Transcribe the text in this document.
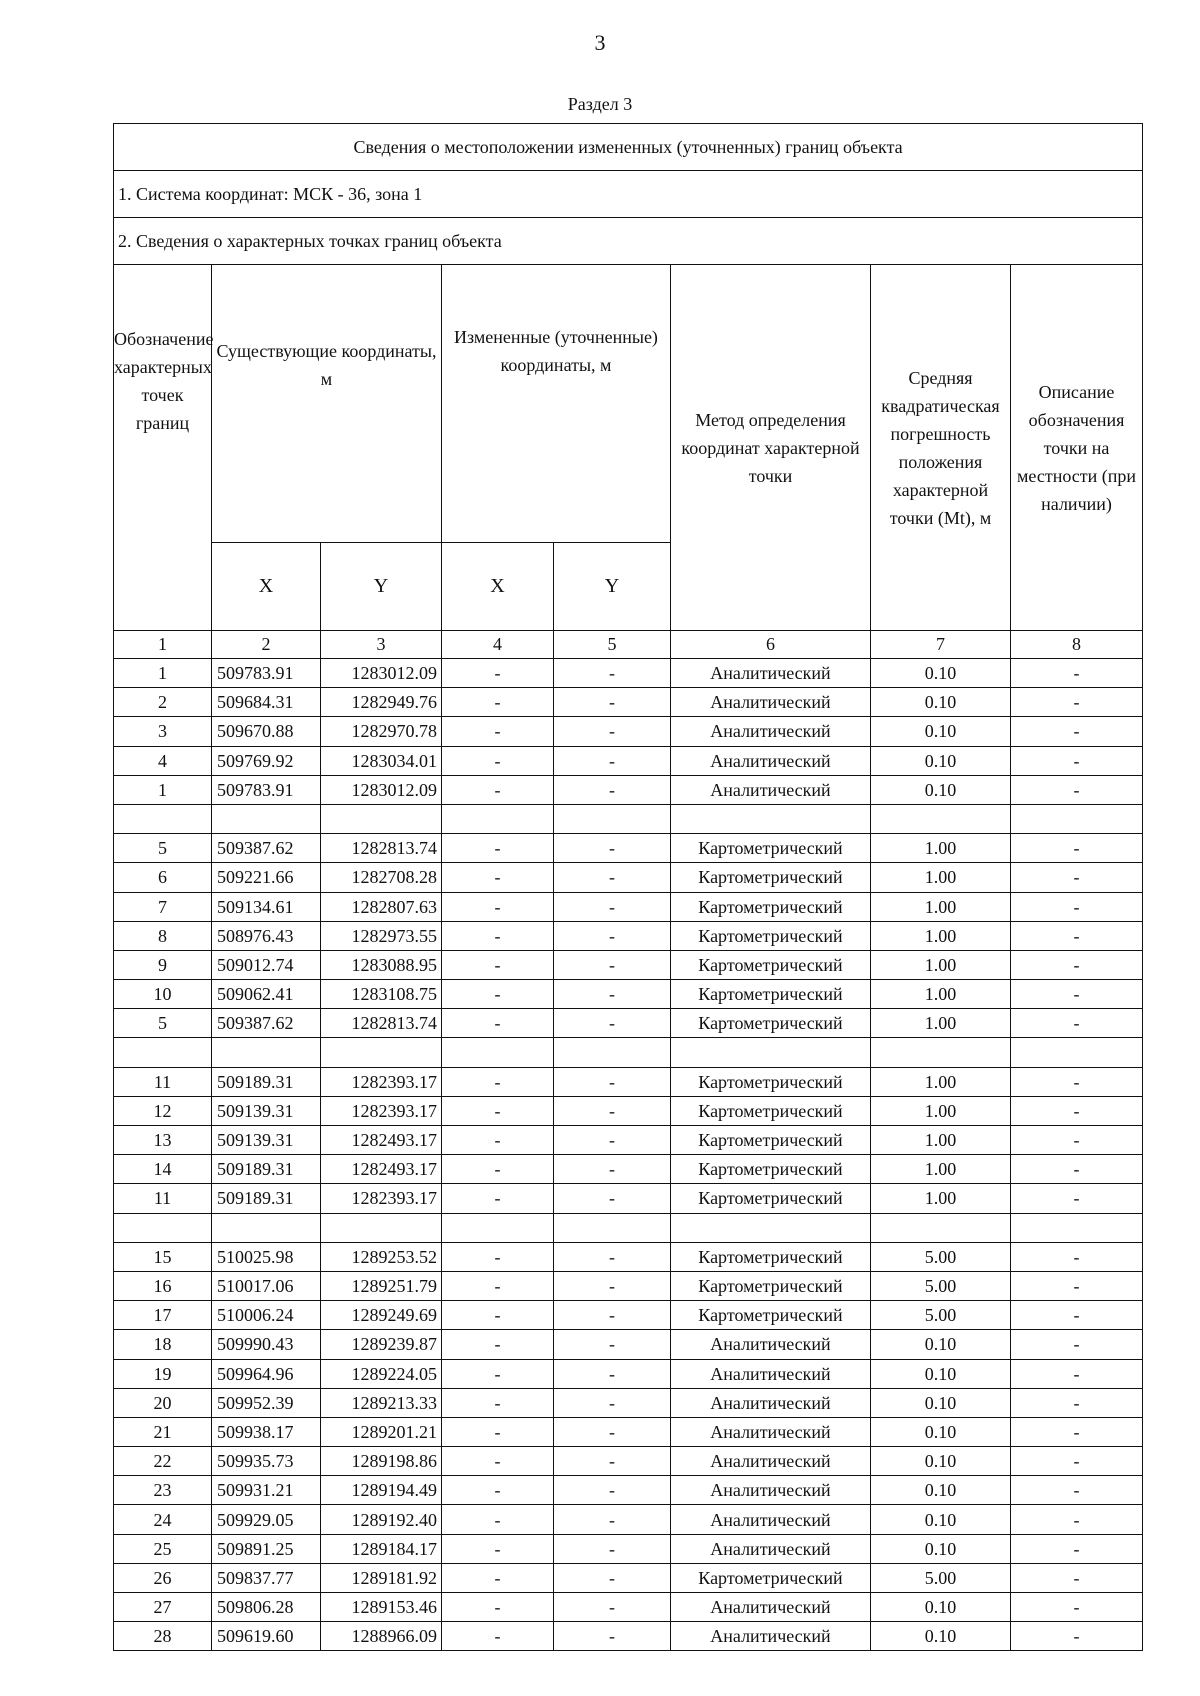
3
Раздел 3
Сведения о местоположении измененных (уточненных) границ объекта							
1. Система координат: МСК - 36, зона 1							
2. Сведения о характерных точках границ объекта							
Обозначение характерных точек границ	Существующие координаты, м		Измененные (уточненные) координаты, м		Метод определения координат характерной точки	Средняя квадратическая погрешность положения характерной точки (Mt), м	Описание обозначения точки на местности (при наличии)
	X	Y	X	Y			
1	2	3	4	5	6	7	8
1	509783.91	1283012.09	-	-	Аналитический	0.10	-
2	509684.31	1282949.76	-	-	Аналитический	0.10	-
3	509670.88	1282970.78	-	-	Аналитический	0.10	-
4	509769.92	1283034.01	-	-	Аналитический	0.10	-
1	509783.91	1283012.09	-	-	Аналитический	0.10	-

5	509387.62	1282813.74	-	-	Картометрический	1.00	-
6	509221.66	1282708.28	-	-	Картометрический	1.00	-
7	509134.61	1282807.63	-	-	Картометрический	1.00	-
8	508976.43	1282973.55	-	-	Картометрический	1.00	-
9	509012.74	1283088.95	-	-	Картометрический	1.00	-
10	509062.41	1283108.75	-	-	Картометрический	1.00	-
5	509387.62	1282813.74	-	-	Картометрический	1.00	-

11	509189.31	1282393.17	-	-	Картометрический	1.00	-
12	509139.31	1282393.17	-	-	Картометрический	1.00	-
13	509139.31	1282493.17	-	-	Картометрический	1.00	-
14	509189.31	1282493.17	-	-	Картометрический	1.00	-
11	509189.31	1282393.17	-	-	Картометрический	1.00	-

15	510025.98	1289253.52	-	-	Картометрический	5.00	-
16	510017.06	1289251.79	-	-	Картометрический	5.00	-
17	510006.24	1289249.69	-	-	Картометрический	5.00	-
18	509990.43	1289239.87	-	-	Аналитический	0.10	-
19	509964.96	1289224.05	-	-	Аналитический	0.10	-
20	509952.39	1289213.33	-	-	Аналитический	0.10	-
21	509938.17	1289201.21	-	-	Аналитический	0.10	-
22	509935.73	1289198.86	-	-	Аналитический	0.10	-
23	509931.21	1289194.49	-	-	Аналитический	0.10	-
24	509929.05	1289192.40	-	-	Аналитический	0.10	-
25	509891.25	1289184.17	-	-	Аналитический	0.10	-
26	509837.77	1289181.92	-	-	Картометрический	5.00	-
27	509806.28	1289153.46	-	-	Аналитический	0.10	-
28	509619.60	1288966.09	-	-	Аналитический	0.10	-
